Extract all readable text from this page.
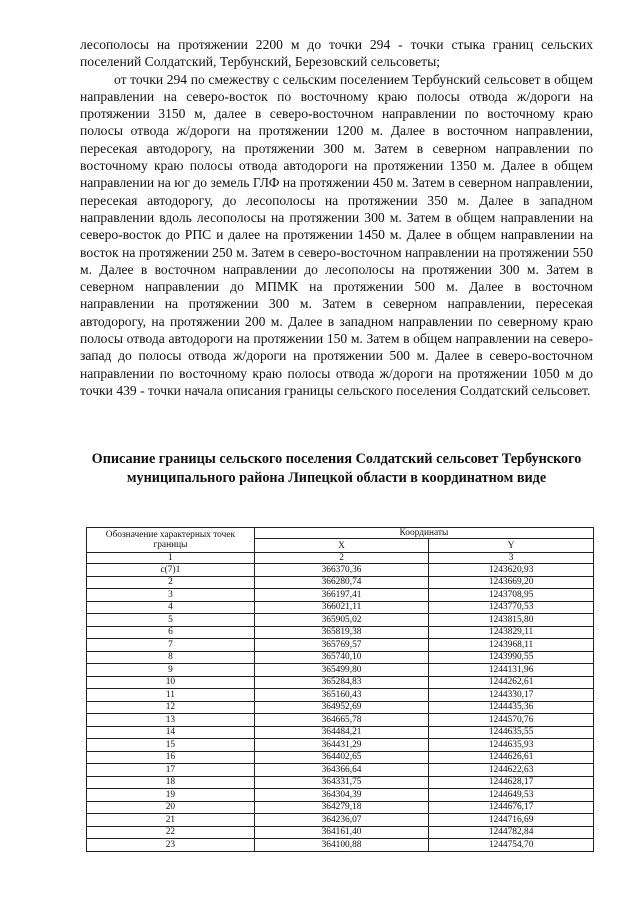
лесополосы на протяжении 2200 м до точки 294 - точки стыка границ сельских поселений Солдатский, Тербунский, Березовский сельсоветы;

от точки 294 по смежеству с сельским поселением Тербунский сельсовет в общем направлении на северо-восток по восточному краю полосы отвода ж/дороги на протяжении 3150 м, далее в северо-восточном направлении по восточному краю полосы отвода ж/дороги на протяжении 1200 м. Далее в восточном направлении, пересекая автодорогу, на протяжении 300 м. Затем в северном направлении по восточному краю полосы отвода автодороги на протяжении 1350 м. Далее в общем направлении на юг до земель ГЛФ на протяжении 450 м. Затем в северном направлении, пересекая автодорогу, до лесополосы на протяжении 350 м. Далее в западном направлении вдоль лесополосы на протяжении 300 м. Затем в общем направлении на северо-восток до РПС и далее на протяжении 1450 м. Далее в общем направлении на восток на протяжении 250 м. Затем в северо-восточном направлении на протяжении 550 м. Далее в восточном направлении до лесополосы на протяжении 300 м. Затем в северном направлении до МПМК на протяжении 500 м. Далее в восточном направлении на протяжении 300 м. Затем в северном направлении, пересекая автодорогу, на протяжении 200 м. Далее в западном направлении по северному краю полосы отвода автодороги на протяжении 150 м. Затем в общем направлении на северо-запад до полосы отвода ж/дороги на протяжении 500 м. Далее в северо-восточном направлении по восточному краю полосы отвода ж/дороги на протяжении 1050 м до точки 439 - точки начала описания границы сельского поселения Солдатский сельсовет.

Описание границы сельского поселения Солдатский сельсовет Тербунского муниципального района Липецкой области в координатном виде
Обозначение характерных точек границы	Координаты	
	X	Y
1	2	3
с(7)1	366370,36	1243620,93
2	366280,74	1243669,20
3	366197,41	1243708,95
4	366021,11	1243770,53
5	365905,02	1243815,80
6	365819,38	1243829,11
7	365769,57	1243968,11
8	365740,10	1243990,55
9	365499,80	1244131,96
10	365284,83	1244262,61
11	365160,43	1244330,17
12	364952,69	1244435,36
13	364665,78	1244570,76
14	364484,21	1244635,55
15	364431,29	1244635,93
16	364402,65	1244626,61
17	364366,64	1244622,63
18	364331,75	1244628,17
19	364304,39	1244649,53
20	364279,18	1244676,17
21	364236,07	1244716,69
22	364161,40	1244782,84
23	364100,88	1244754,70
